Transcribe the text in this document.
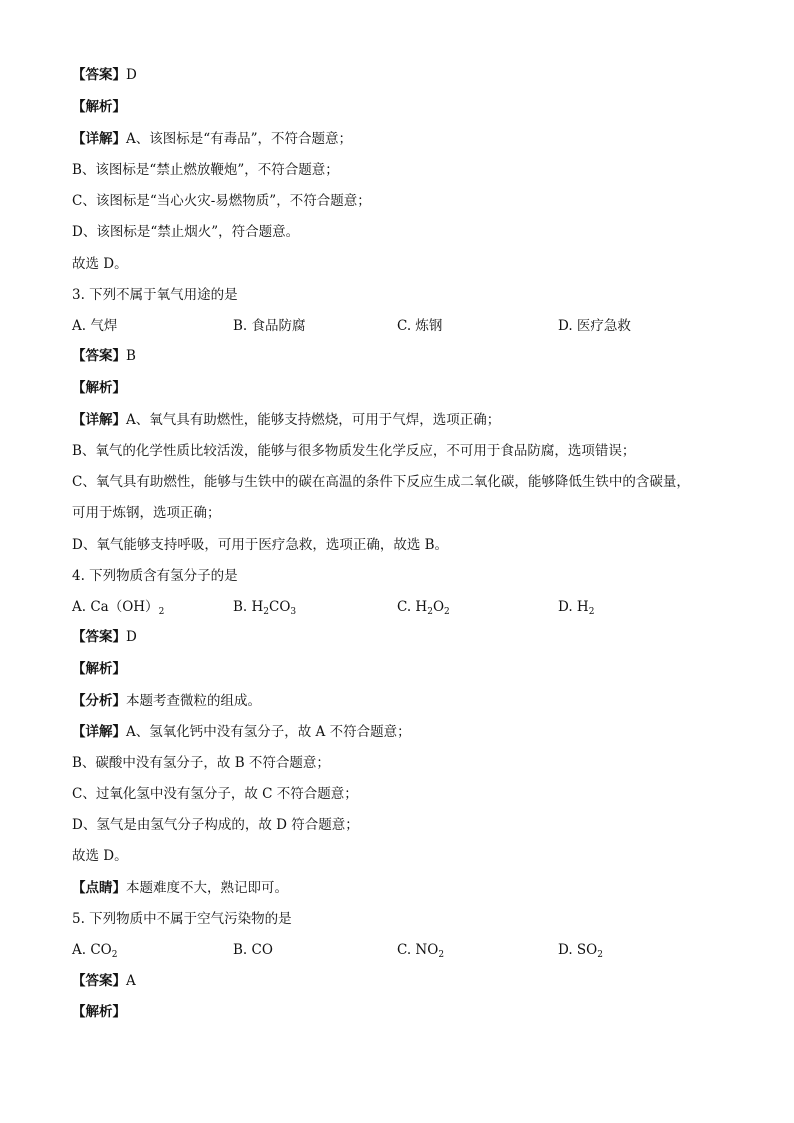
【答案】D
【解析】
【详解】A、该图标是“有毒品”，不符合题意；
B、该图标是“禁止燃放鞭炮”，不符合题意；
C、该图标是“当心火灾-易燃物质”，不符合题意；
D、该图标是“禁止烟火”，符合题意。
故选 D。
3. 下列不属于氧气用途的是
A. 气焊	B. 食品防腐	C. 炼钢	D. 医疗急救
【答案】B
【解析】
【详解】A、氧气具有助燃性，能够支持燃烧，可用于气焊，选项正确；
B、氧气的化学性质比较活泼，能够与很多物质发生化学反应，不可用于食品防腐，选项错误；
C、氧气具有助燃性，能够与生铁中的碳在高温的条件下反应生成二氧化碳，能够降低生铁中的含碳量，
可用于炼钢，选项正确；
D、氧气能够支持呼吸，可用于医疗急救，选项正确，故选 B。
4. 下列物质含有氢分子的是
A. $Ca(OH)_2$	B. $H_2CO_3$	C. $H_2O_2$	D. $H_2$
【答案】D
【解析】
【分析】本题考查微粒的组成。
【详解】A、氢氧化钙中没有氢分子，故 A 不符合题意；
B、碳酸中没有氢分子，故 B 不符合题意；
C、过氧化氢中没有氢分子，故 C 不符合题意；
D、氢气是由氢气分子构成的，故 D 符合题意；
故选 D。
【点睛】本题难度不大，熟记即可。
5. 下列物质中不属于空气污染物的是
A. $CO_2$	B. CO	C. $NO_2$	D. $SO_2$
【答案】A
【解析】
